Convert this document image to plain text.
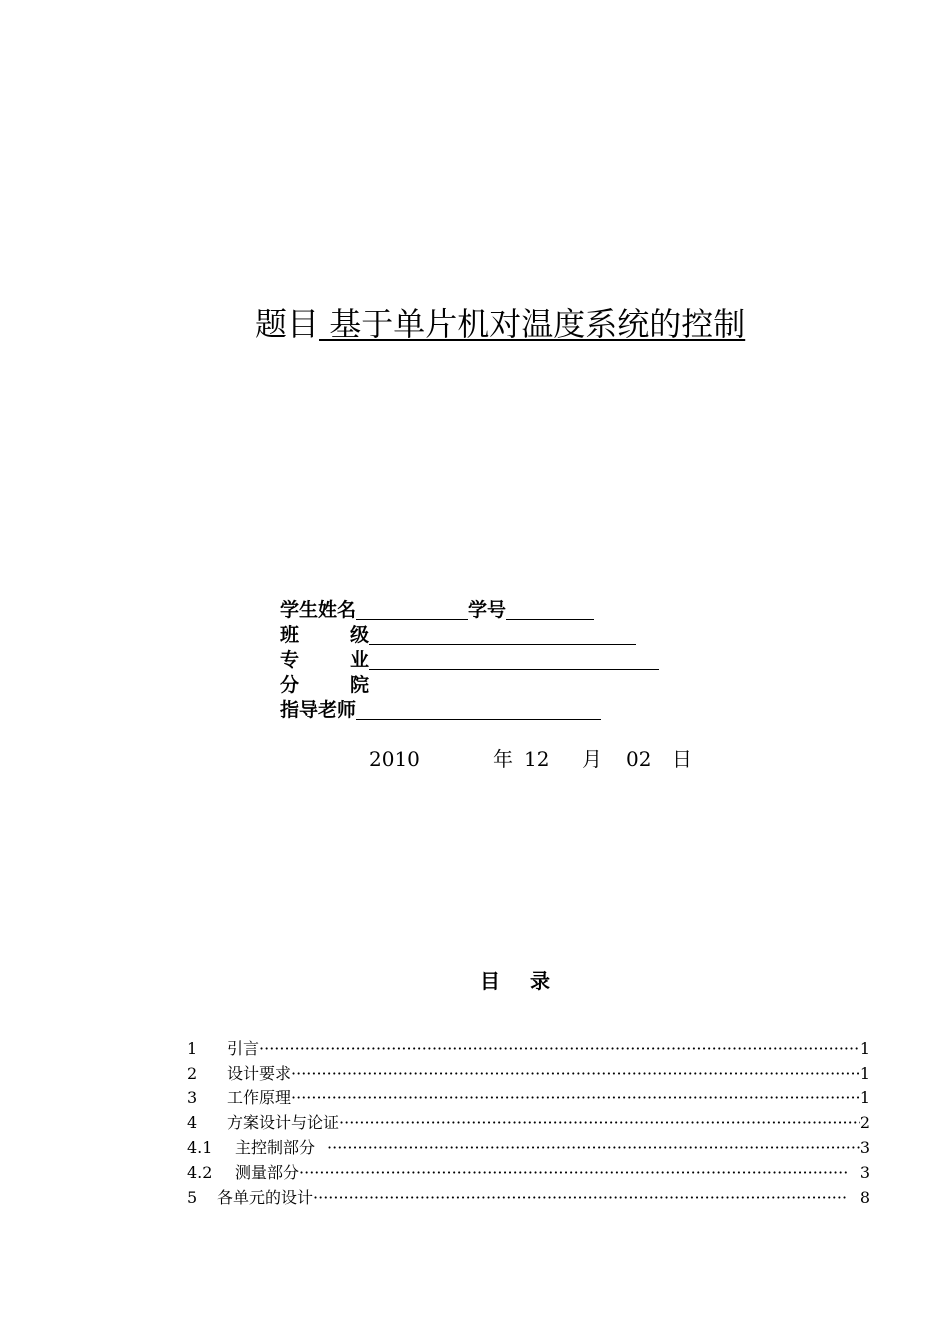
题目 基于单片机对温度系统的控制
学生姓名	学号
班级
专业
分院
指导老师
2010	年 12 月 02 日
目录
1	引言 ·····	1
2	设计要求 ·····	1
3	工作原理 ·····	1
4	方案设计与论证 ·····	2
4.1	主控制部分 ·····	3
4.2	测量部分 ·····	3
5	各单元的设计 ·····	8
